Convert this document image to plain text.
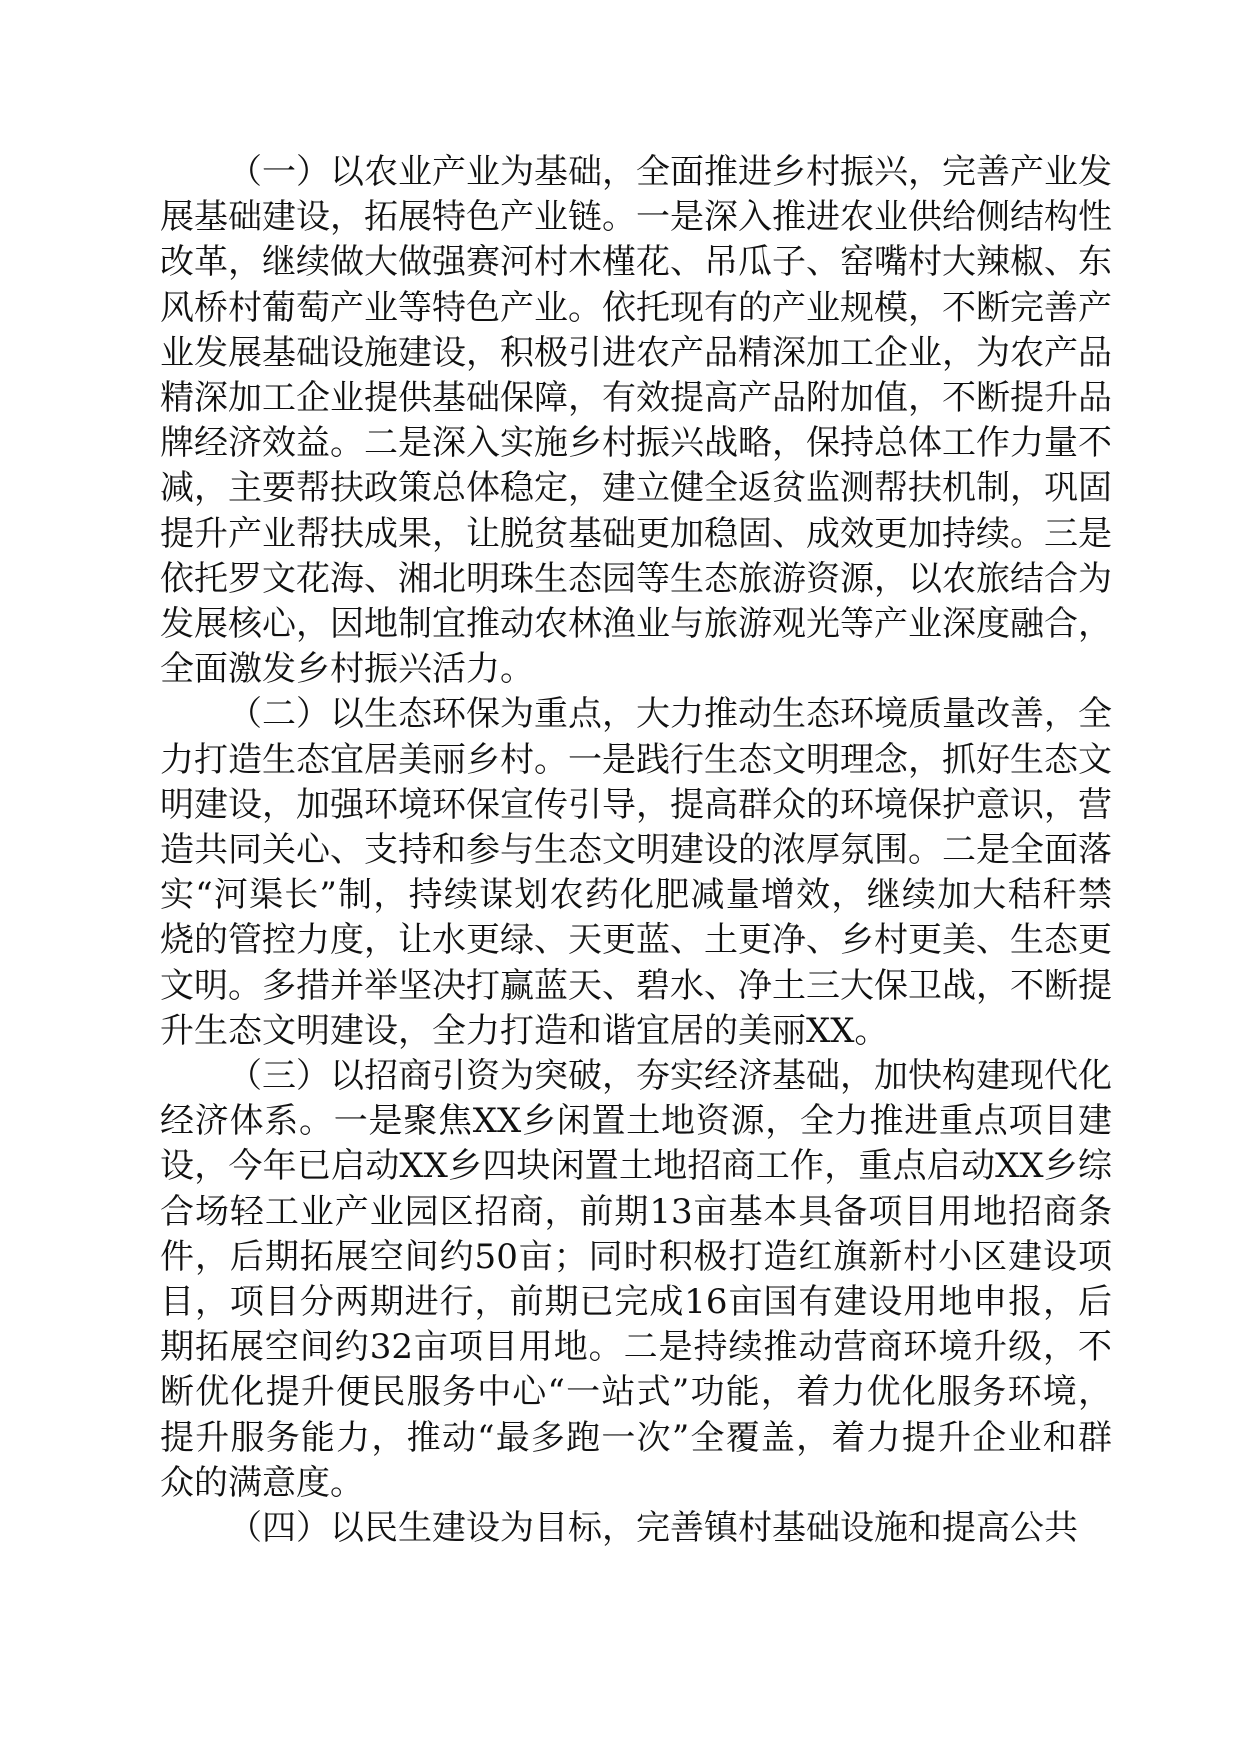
（一）以农业产业为基础，全面推进乡村振兴，完善产业发展基础建设，拓展特色产业链。一是深入推进农业供给侧结构性改革，继续做大做强赛河村木槿花、吊瓜子、窑嘴村大辣椒、东风桥村葡萄产业等特色产业。依托现有的产业规模，不断完善产业发展基础设施建设，积极引进农产品精深加工企业，为农产品精深加工企业提供基础保障，有效提高产品附加值，不断提升品牌经济效益。二是深入实施乡村振兴战略，保持总体工作力量不减，主要帮扶政策总体稳定，建立健全返贫监测帮扶机制，巩固提升产业帮扶成果，让脱贫基础更加稳固、成效更加持续。三是依托罗文花海、湘北明珠生态园等生态旅游资源，以农旅结合为发展核心，因地制宜推动农林渔业与旅游观光等产业深度融合，全面激发乡村振兴活力。

（二）以生态环保为重点，大力推动生态环境质量改善，全力打造生态宜居美丽乡村。一是践行生态文明理念，抓好生态文明建设，加强环境环保宣传引导，提高群众的环境保护意识，营造共同关心、支持和参与生态文明建设的浓厚氛围。二是全面落实“河渠长”制，持续谋划农药化肥减量增效，继续加大秸秆禁烧的管控力度，让水更绿、天更蓝、土更净、乡村更美、生态更文明。多措并举坚决打赢蓝天、碧水、净土三大保卫战，不断提升生态文明建设，全力打造和谐宜居的美丽XX。

（三）以招商引资为突破，夯实经济基础，加快构建现代化经济体系。一是聚焦XX乡闲置土地资源，全力推进重点项目建设，今年已启动XX乡四块闲置土地招商工作，重点启动XX乡综合场轻工业产业园区招商，前期13亩基本具备项目用地招商条件，后期拓展空间约50亩；同时积极打造红旗新村小区建设项目，项目分两期进行，前期已完成16亩国有建设用地申报，后期拓展空间约32亩项目用地。二是持续推动营商环境升级，不断优化提升便民服务中心“一站式”功能，着力优化服务环境，提升服务能力，推动“最多跑一次”全覆盖，着力提升企业和群众的满意度。

（四）以民生建设为目标，完善镇村基础设施和提高公共
